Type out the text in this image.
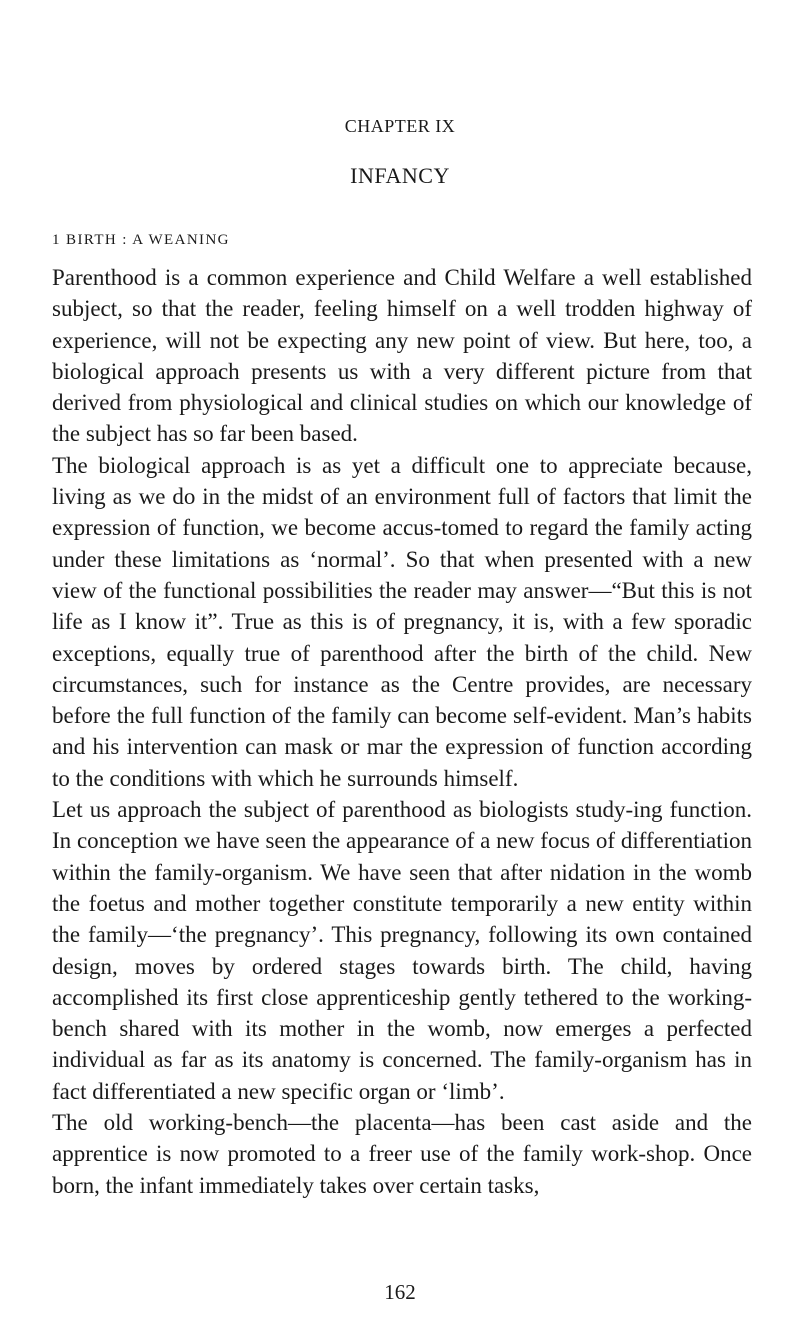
CHAPTER IX
INFANCY
1 BIRTH : A WEANING

Parenthood is a common experience and Child Welfare a well established subject, so that the reader, feeling himself on a well trodden highway of experience, will not be expecting any new point of view. But here, too, a biological approach presents us with a very different picture from that derived from physiological and clinical studies on which our knowledge of the subject has so far been based.

The biological approach is as yet a difficult one to appreciate because, living as we do in the midst of an environment full of factors that limit the expression of function, we become accus-tomed to regard the family acting under these limitations as ‘normal’. So that when presented with a new view of the functional possibilities the reader may answer—“But this is not life as I know it”. True as this is of pregnancy, it is, with a few sporadic exceptions, equally true of parenthood after the birth of the child. New circumstances, such for instance as the Centre provides, are necessary before the full function of the family can become self-evident. Man’s habits and his intervention can mask or mar the expression of function according to the conditions with which he surrounds himself.

Let us approach the subject of parenthood as biologists study-ing function. In conception we have seen the appearance of a new focus of differentiation within the family-organism. We have seen that after nidation in the womb the foetus and mother together constitute temporarily a new entity within the family—‘the pregnancy’. This pregnancy, following its own contained design, moves by ordered stages towards birth. The child, having accomplished its first close apprenticeship gently tethered to the working-bench shared with its mother in the womb, now emerges a perfected individual as far as its anatomy is concerned. The family-organism has in fact differentiated a new specific organ or ‘limb’.

The old working-bench—the placenta—has been cast aside and the apprentice is now promoted to a freer use of the family work-shop. Once born, the infant immediately takes over certain tasks,

162
